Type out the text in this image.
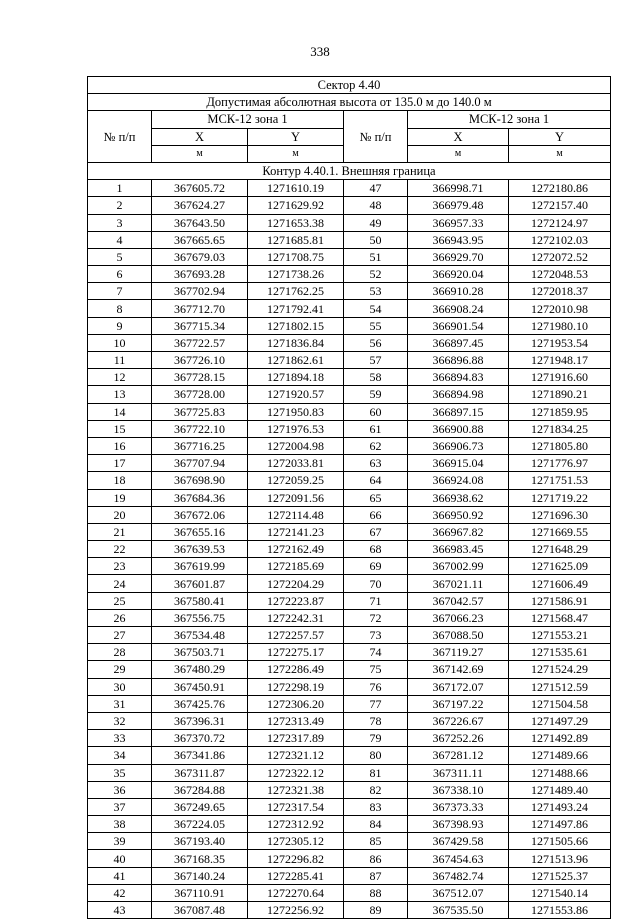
338
Сектор 4.40					
Допустимая абсолютная высота от 135.0 м до 140.0 м					
№ п/п	МСК-12 зона 1		№ п/п	МСК-12 зона 1	
	X	Y		X	Y
	м	м		м	м
Контур 4.40.1. Внешняя граница					
1	367605.72	1271610.19	47	366998.71	1272180.86
2	367624.27	1271629.92	48	366979.48	1272157.40
3	367643.50	1271653.38	49	366957.33	1272124.97
4	367665.65	1271685.81	50	366943.95	1272102.03
5	367679.03	1271708.75	51	366929.70	1272072.52
6	367693.28	1271738.26	52	366920.04	1272048.53
7	367702.94	1271762.25	53	366910.28	1272018.37
8	367712.70	1271792.41	54	366908.24	1272010.98
9	367715.34	1271802.15	55	366901.54	1271980.10
10	367722.57	1271836.84	56	366897.45	1271953.54
11	367726.10	1271862.61	57	366896.88	1271948.17
12	367728.15	1271894.18	58	366894.83	1271916.60
13	367728.00	1271920.57	59	366894.98	1271890.21
14	367725.83	1271950.83	60	366897.15	1271859.95
15	367722.10	1271976.53	61	366900.88	1271834.25
16	367716.25	1272004.98	62	366906.73	1271805.80
17	367707.94	1272033.81	63	366915.04	1271776.97
18	367698.90	1272059.25	64	366924.08	1271751.53
19	367684.36	1272091.56	65	366938.62	1271719.22
20	367672.06	1272114.48	66	366950.92	1271696.30
21	367655.16	1272141.23	67	366967.82	1271669.55
22	367639.53	1272162.49	68	366983.45	1271648.29
23	367619.99	1272185.69	69	367002.99	1271625.09
24	367601.87	1272204.29	70	367021.11	1271606.49
25	367580.41	1272223.87	71	367042.57	1271586.91
26	367556.75	1272242.31	72	367066.23	1271568.47
27	367534.48	1272257.57	73	367088.50	1271553.21
28	367503.71	1272275.17	74	367119.27	1271535.61
29	367480.29	1272286.49	75	367142.69	1271524.29
30	367450.91	1272298.19	76	367172.07	1271512.59
31	367425.76	1272306.20	77	367197.22	1271504.58
32	367396.31	1272313.49	78	367226.67	1271497.29
33	367370.72	1272317.89	79	367252.26	1271492.89
34	367341.86	1272321.12	80	367281.12	1271489.66
35	367311.87	1272322.12	81	367311.11	1271488.66
36	367284.88	1272321.38	82	367338.10	1271489.40
37	367249.65	1272317.54	83	367373.33	1271493.24
38	367224.05	1272312.92	84	367398.93	1271497.86
39	367193.40	1272305.12	85	367429.58	1271505.66
40	367168.35	1272296.82	86	367454.63	1271513.96
41	367140.24	1272285.41	87	367482.74	1271525.37
42	367110.91	1272270.64	88	367512.07	1271540.14
43	367087.48	1272256.92	89	367535.50	1271553.86
